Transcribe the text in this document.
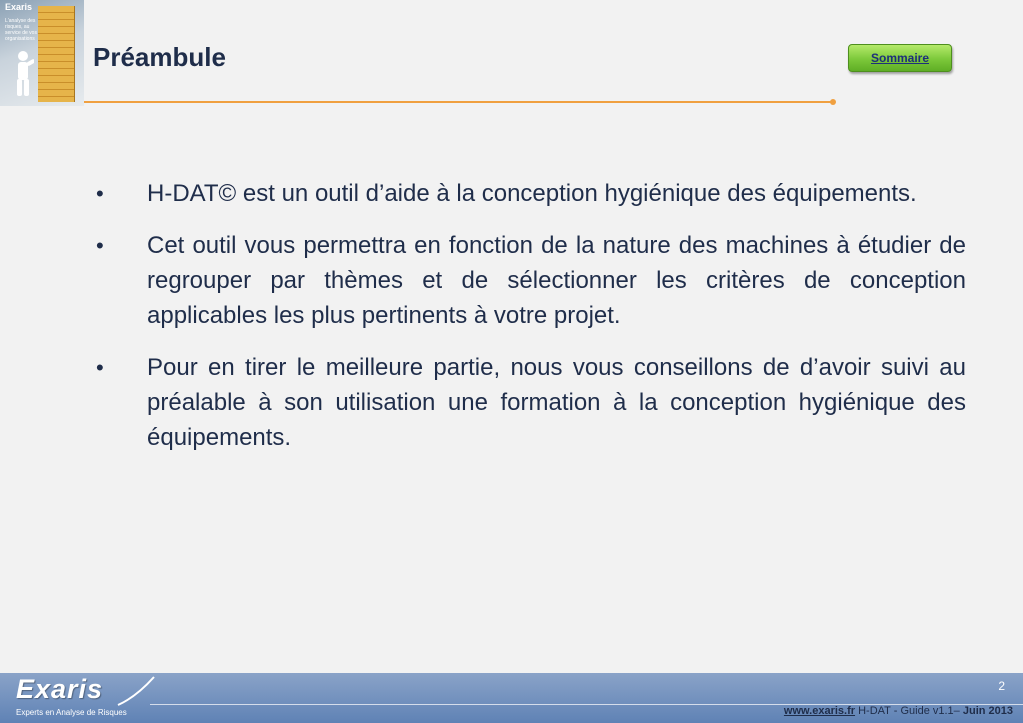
Exaris
L'analyse des risques, au service de vos organisations
Préambule	Sommaire
• H-DAT© est un outil d’aide à la conception hygiénique des équipements.
• Cet outil vous permettra en fonction de la nature des machines à étudier de regrouper par thèmes et de sélectionner les critères de conception applicables les plus pertinents à votre projet.
• Pour en tirer le meilleure partie, nous vous conseillons de d’avoir suivi au préalable à son utilisation une formation à la conception hygiénique des équipements.
Exaris
Experts en Analyse de Risques
2
www.exaris.fr H-DAT - Guide v1.1– Juin 2013
